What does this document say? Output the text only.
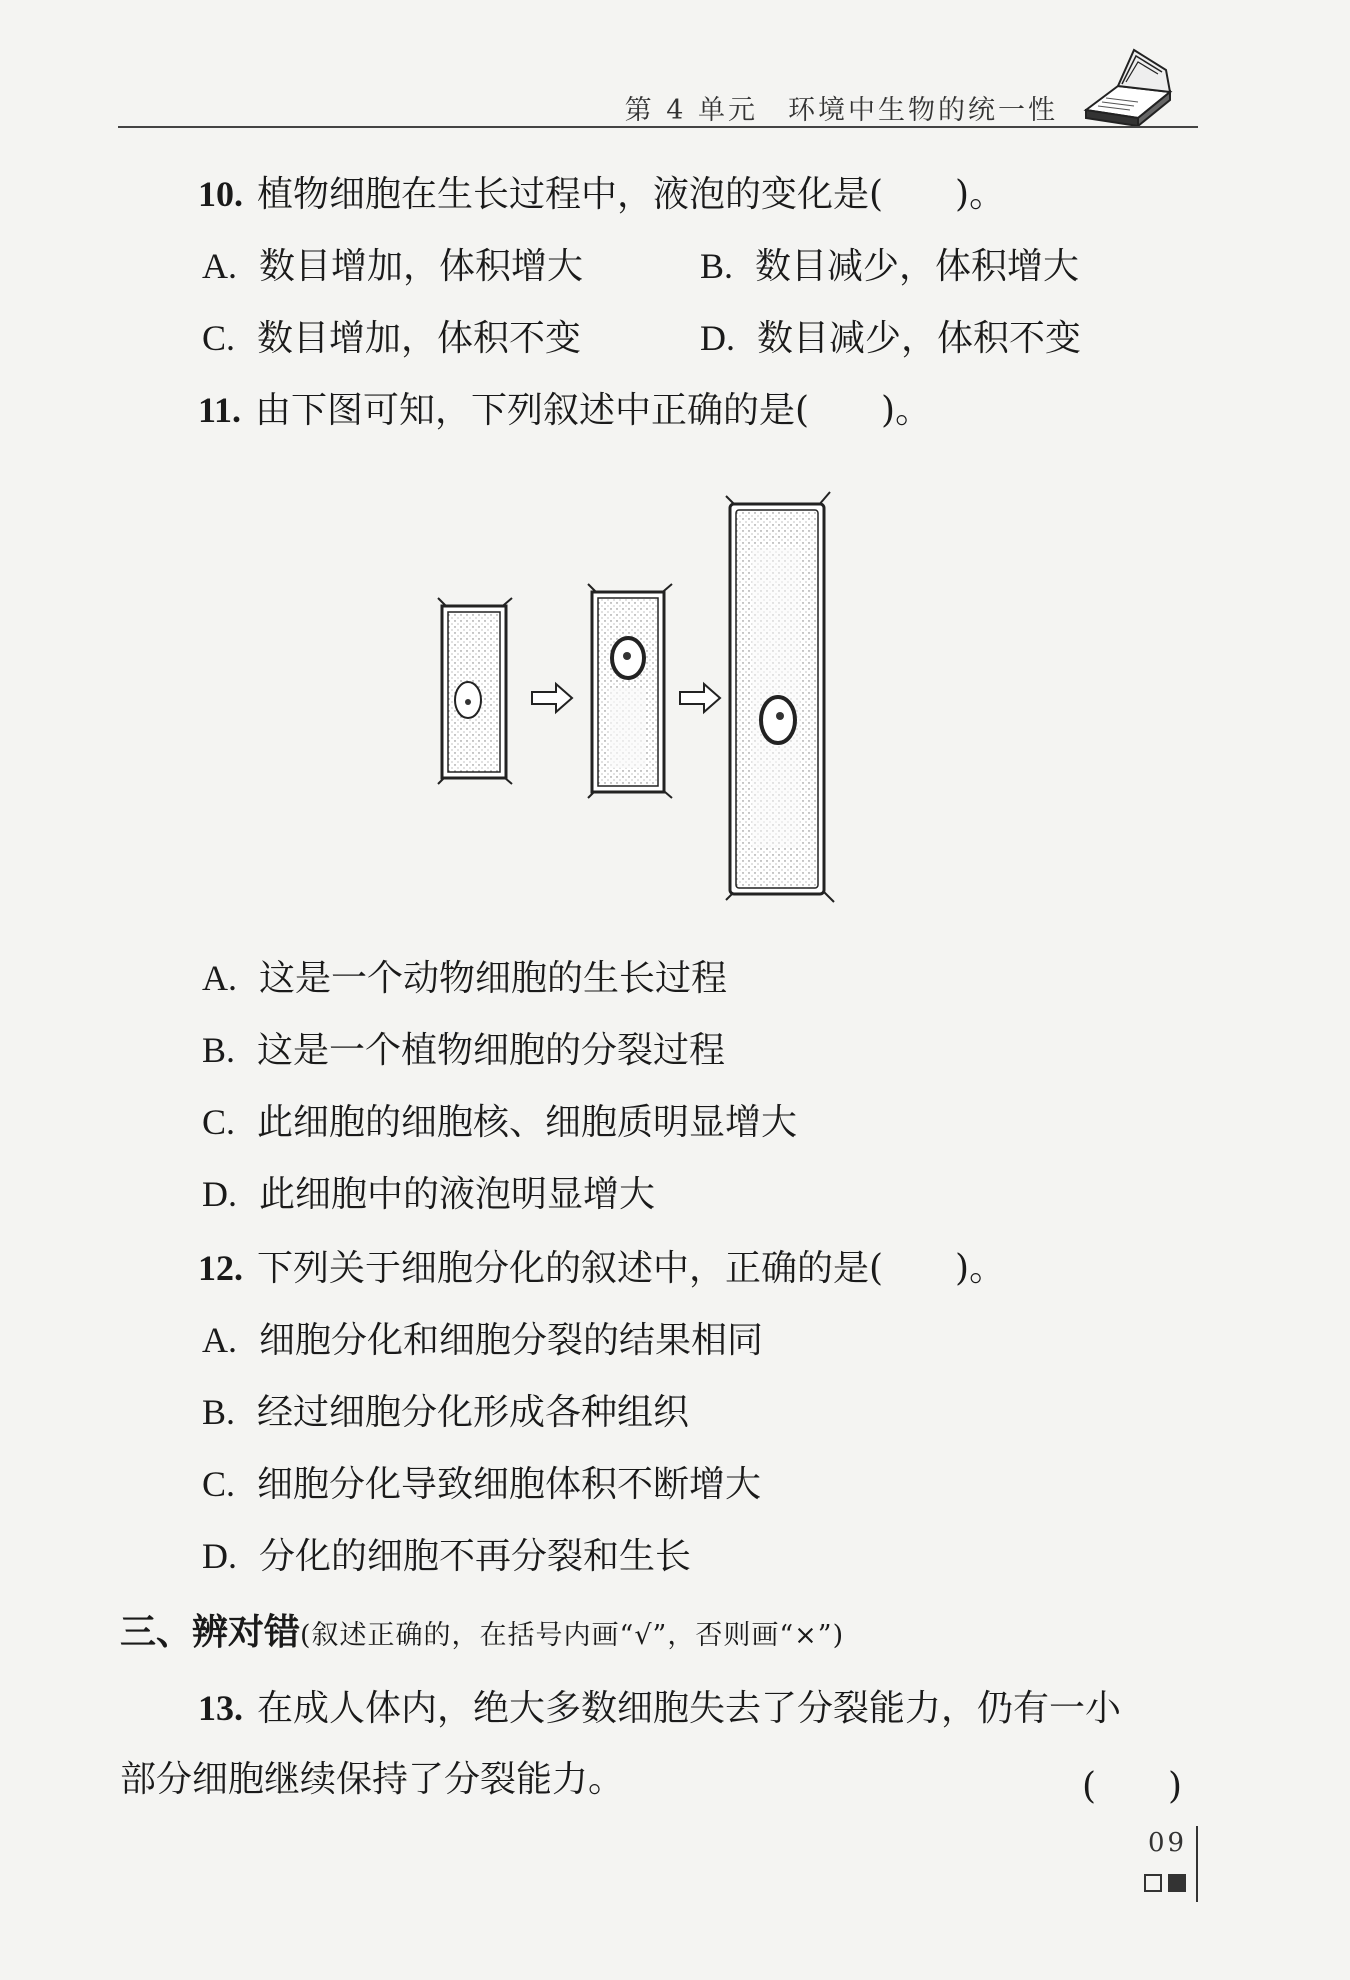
第 4 单元　环境中生物的统一性
10. 植物细胞在生长过程中，液泡的变化是(　　)。
A. 数目增加，体积增大	B. 数目减少，体积增大
C. 数目增加，体积不变	D. 数目减少，体积不变
11. 由下图可知，下列叙述中正确的是(　　)。
A. 这是一个动物细胞的生长过程
B. 这是一个植物细胞的分裂过程
C. 此细胞的细胞核、细胞质明显增大
D. 此细胞中的液泡明显增大
12. 下列关于细胞分化的叙述中，正确的是(　　)。
A. 细胞分化和细胞分裂的结果相同
B. 经过细胞分化形成各种组织
C. 细胞分化导致细胞体积不断增大
D. 分化的细胞不再分裂和生长
三、辨对错(叙述正确的，在括号内画“√”，否则画“×”)
13. 在成人体内，绝大多数细胞失去了分裂能力，仍有一小
部分细胞继续保持了分裂能力。	(　　)
09
